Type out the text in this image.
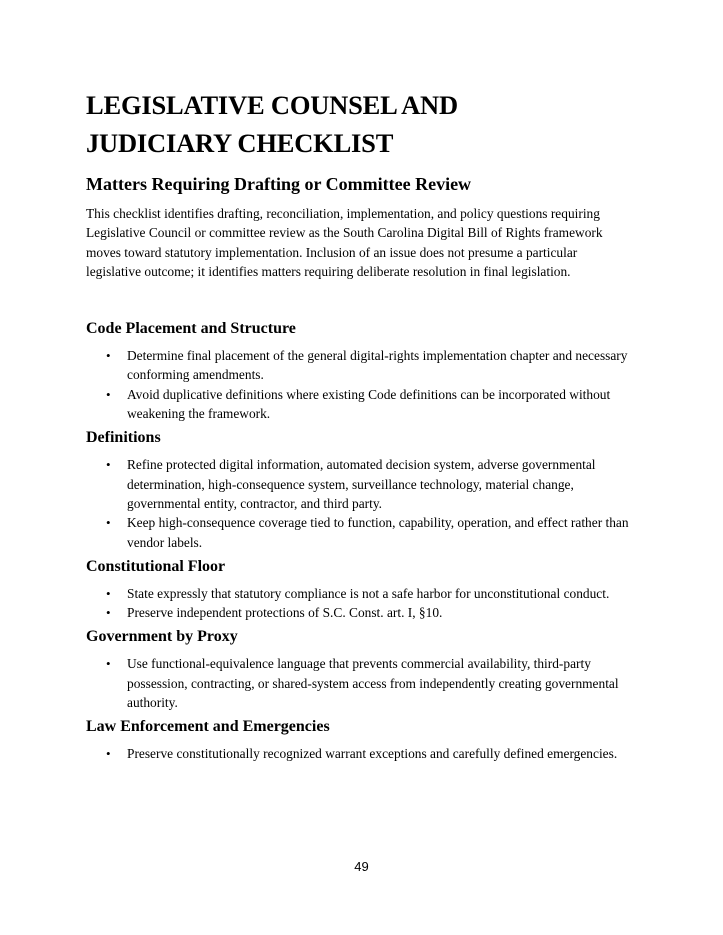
LEGISLATIVE COUNSEL AND
JUDICIARY CHECKLIST
Matters Requiring Drafting or Committee Review

This checklist identifies drafting, reconciliation, implementation, and policy questions requiring Legislative Council or committee review as the South Carolina Digital Bill of Rights framework moves toward statutory implementation. Inclusion of an issue does not presume a particular legislative outcome; it identifies matters requiring deliberate resolution in final legislation.

Code Placement and Structure
• Determine final placement of the general digital-rights implementation chapter and necessary conforming amendments.
• Avoid duplicative definitions where existing Code definitions can be incorporated without weakening the framework.
Definitions
• Refine protected digital information, automated decision system, adverse governmental determination, high-consequence system, surveillance technology, material change, governmental entity, contractor, and third party.
• Keep high-consequence coverage tied to function, capability, operation, and effect rather than vendor labels.
Constitutional Floor
• State expressly that statutory compliance is not a safe harbor for unconstitutional conduct.
• Preserve independent protections of S.C. Const. art. I, §10.
Government by Proxy
• Use functional-equivalence language that prevents commercial availability, third-party possession, contracting, or shared-system access from independently creating governmental authority.
Law Enforcement and Emergencies
• Preserve constitutionally recognized warrant exceptions and carefully defined emergencies.
49
